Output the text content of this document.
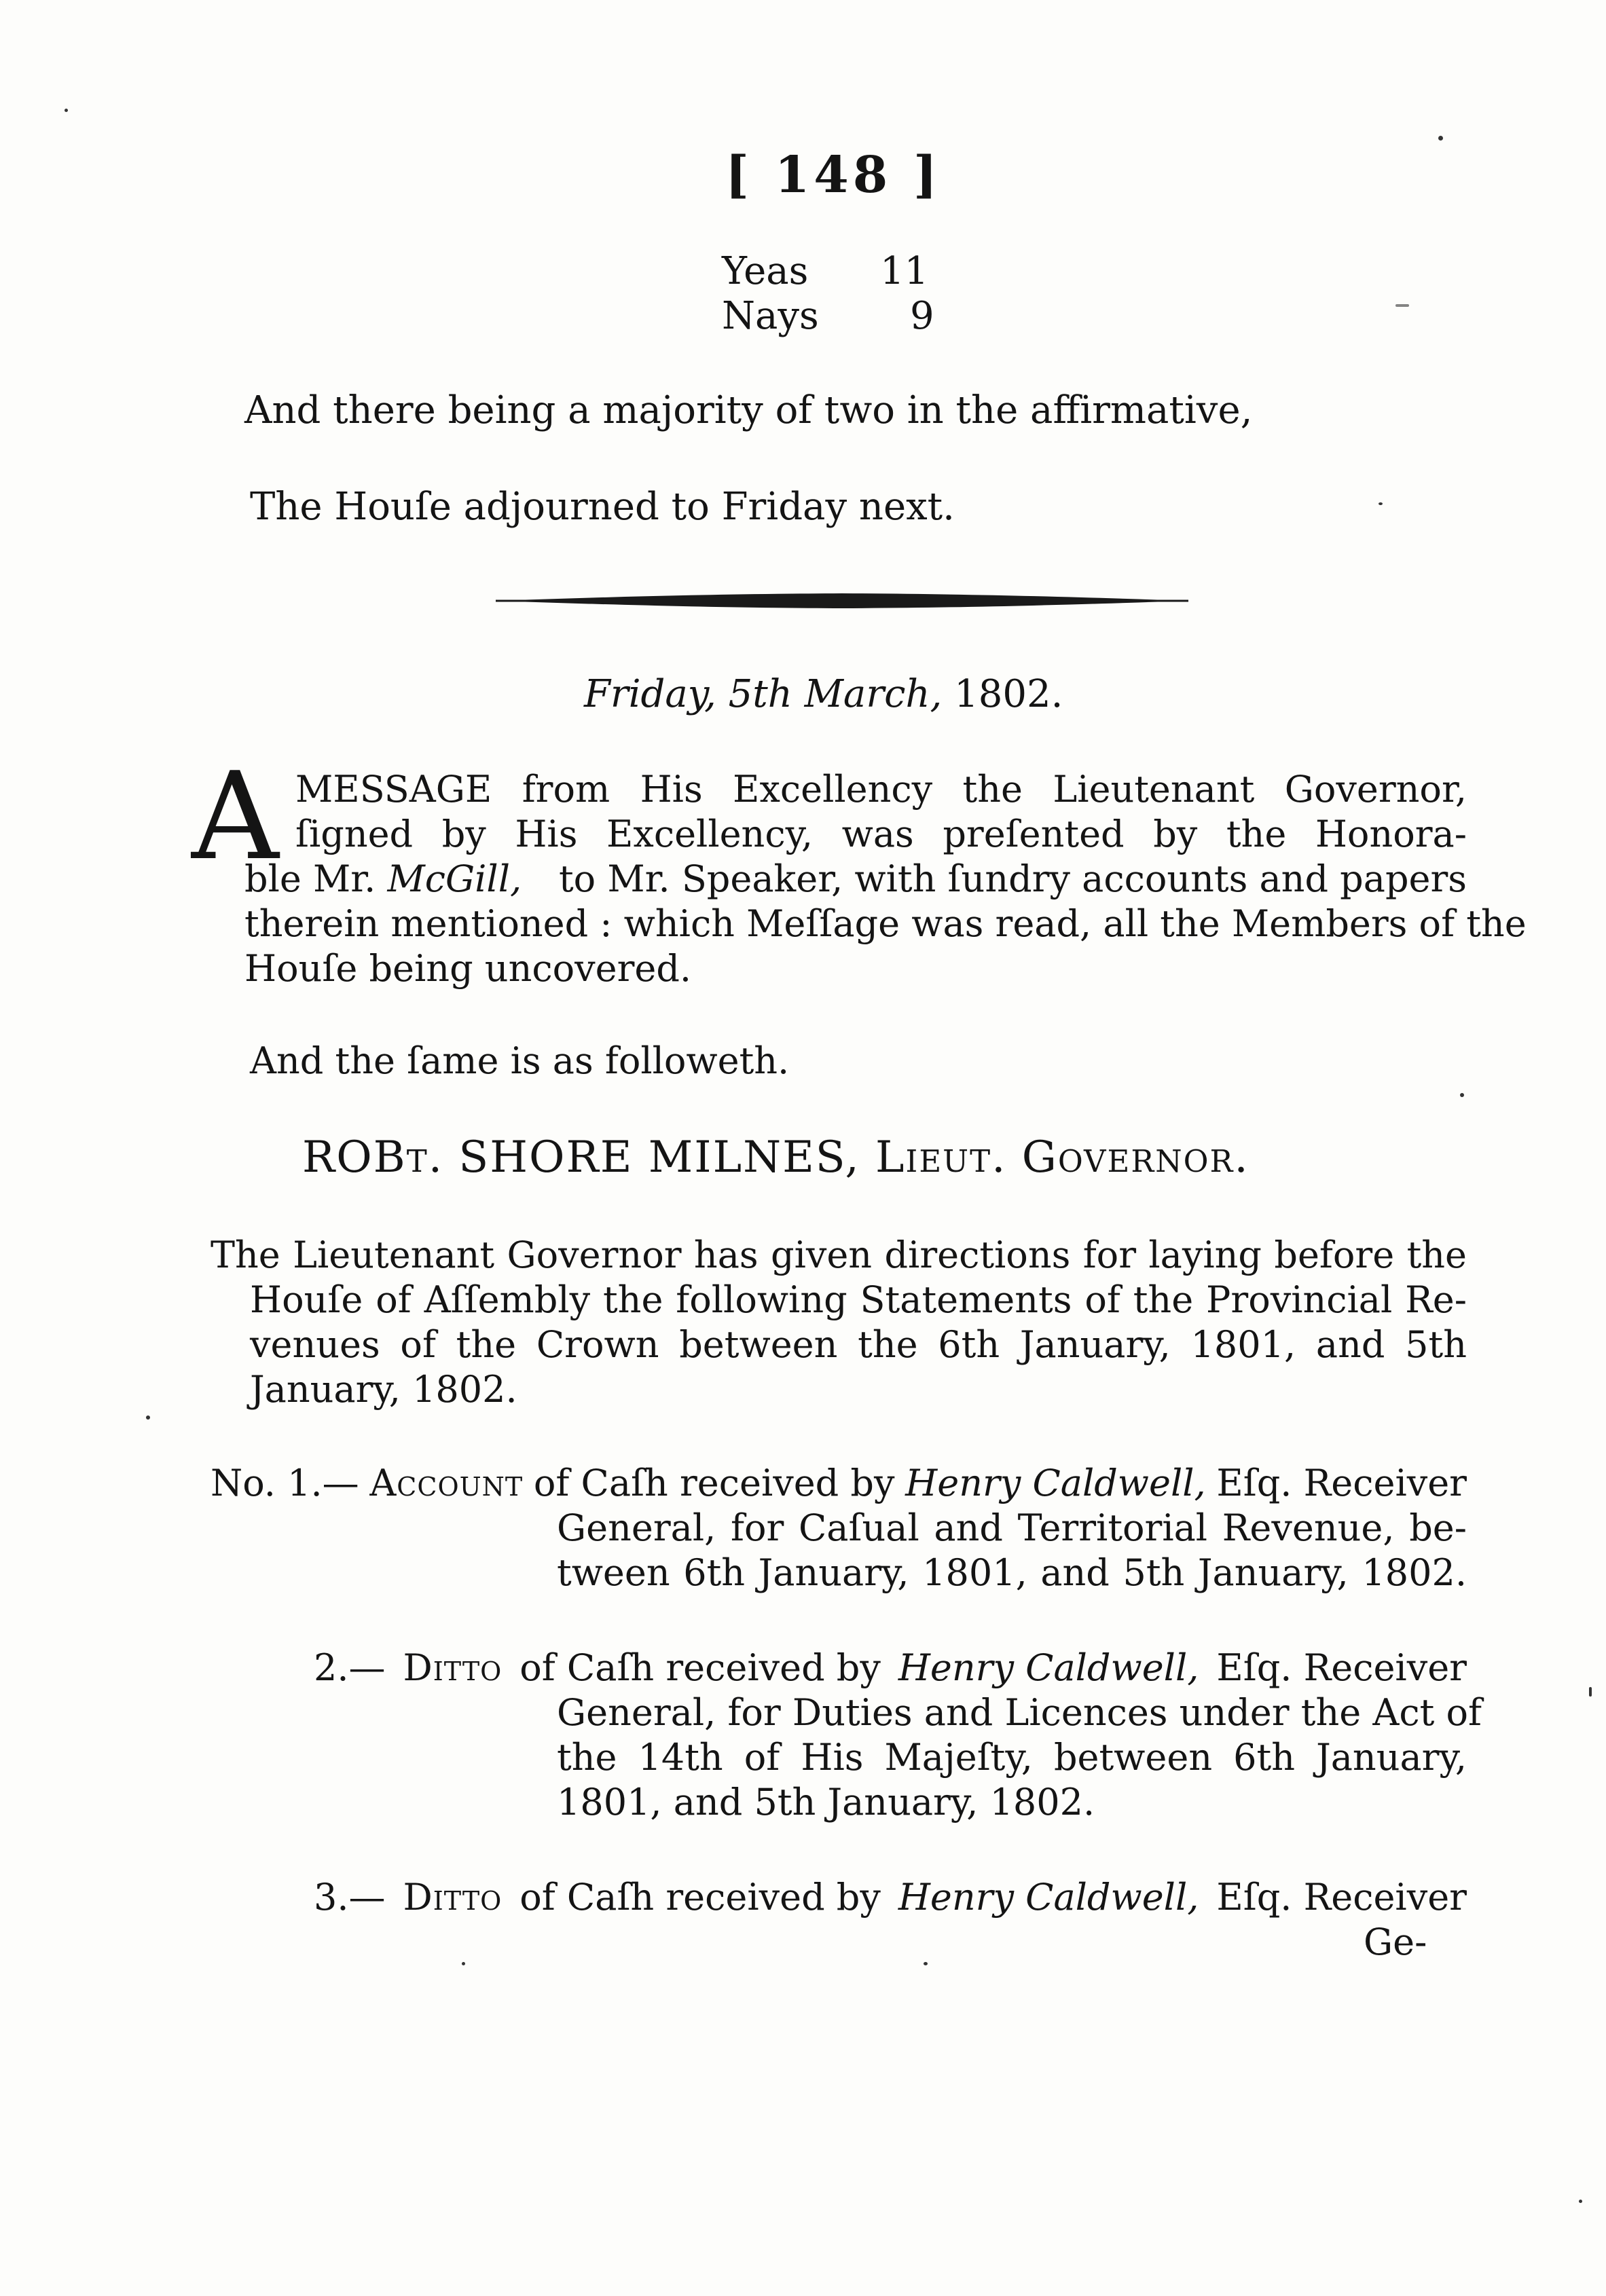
[ 148 ]
Yeas 11
Nays 9
And there being a majority of two in the affirmative,
The Houſe adjourned to Friday next.
Friday, 5th March, 1802.
A MESSAGE from His Excellency the Lieutenant Governor,
ſigned by His Excellency, was preſented by the Honora-
ble Mr. McGill, to Mr. Speaker, with ſundry accounts and papers
therein mentioned : which Meſſage was read, all the Members of the
Houſe being uncovered.
And the ſame is as followeth.
ROBt. SHORE MILNES, Lieut. Governor.
The Lieutenant Governor has given directions for laying before the
Houſe of Aſſembly the following Statements of the Provincial Re-
venues of the Crown between the 6th January, 1801, and 5th
January, 1802.
No. 1.— Account of Caſh received by Henry Caldwell, Eſq. Receiver
General, for Caſual and Territorial Revenue, be-
tween 6th January, 1801, and 5th January, 1802.
2.— Ditto of Caſh received by Henry Caldwell, Eſq. Receiver
General, for Duties and Licences under the Act of
the 14th of His Majeſty, between 6th January,
1801, and 5th January, 1802.
3.— Ditto of Caſh received by Henry Caldwell, Eſq. Receiver
Ge-
